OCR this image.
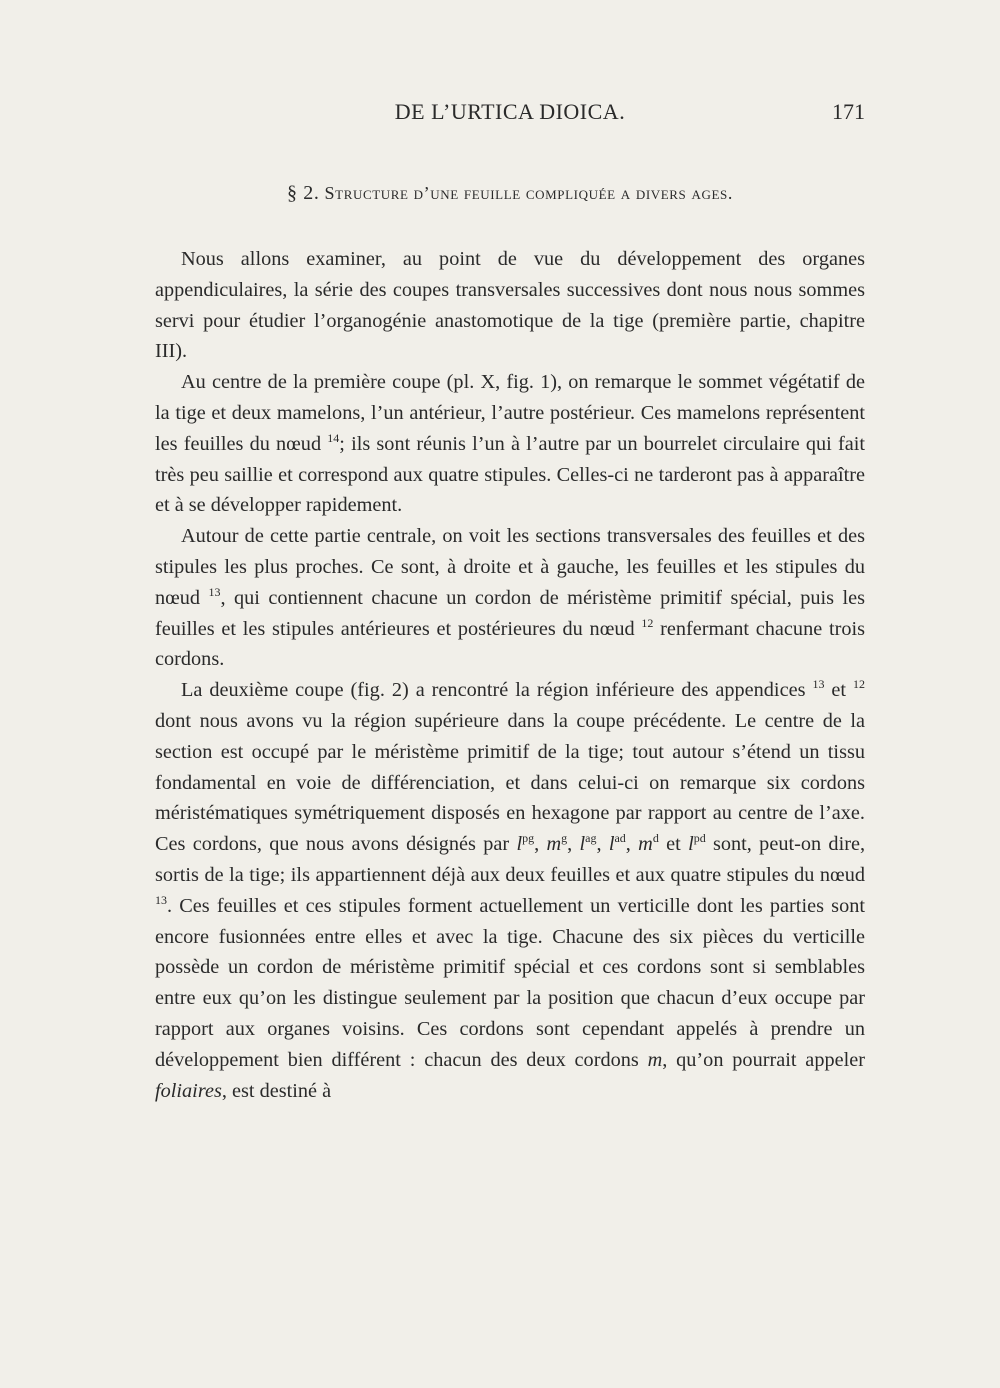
DE L’URTICA DIOICA.	171
§ 2. Structure d’une feuille compliquée a divers ages.

Nous allons examiner, au point de vue du développement des organes appendiculaires, la série des coupes transversales successives dont nous nous sommes servi pour étudier l’organogénie anastomotique de la tige (première partie, chapitre III).

Au centre de la première coupe (pl. X, fig. 1), on remarque le sommet végétatif de la tige et deux mamelons, l’un antérieur, l’autre postérieur. Ces mamelons représentent les feuilles du nœud $^{14}$; ils sont réunis l’un à l’autre par un bourrelet circulaire qui fait très peu saillie et correspond aux quatre stipules. Celles-ci ne tarderont pas à apparaître et à se développer rapidement.

Autour de cette partie centrale, on voit les sections transversales des feuilles et des stipules les plus proches. Ce sont, à droite et à gauche, les feuilles et les stipules du nœud $^{13}$, qui contiennent chacune un cordon de méristème primitif spécial, puis les feuilles et les stipules antérieures et postérieures du nœud $^{12}$ renfermant chacune trois cordons.

La deuxième coupe (fig. 2) a rencontré la région inférieure des appendices $^{13}$ et $^{12}$ dont nous avons vu la région supérieure dans la coupe précédente. Le centre de la section est occupé par le méristème primitif de la tige; tout autour s’étend un tissu fondamental en voie de différenciation, et dans celui-ci on remarque six cordons méristématiques symétriquement disposés en hexagone par rapport au centre de l’axe. Ces cordons, que nous avons désignés par $l^{pg}$, $m^g$, $l^{ag}$, $l^{ad}$, $m^d$ et $l^{pd}$ sont, peut-on dire, sortis de la tige; ils appartiennent déjà aux deux feuilles et aux quatre stipules du nœud $^{13}$. Ces feuilles et ces stipules forment actuellement un verticille dont les parties sont encore fusionnées entre elles et avec la tige. Chacune des six pièces du verticille possède un cordon de méristème primitif spécial et ces cordons sont si semblables entre eux qu’on les distingue seulement par la position que chacun d’eux occupe par rapport aux organes voisins. Ces cordons sont cependant appelés à prendre un développement bien différent : chacun des deux cordons m, qu’on pourrait appeler foliaires, est destiné à
